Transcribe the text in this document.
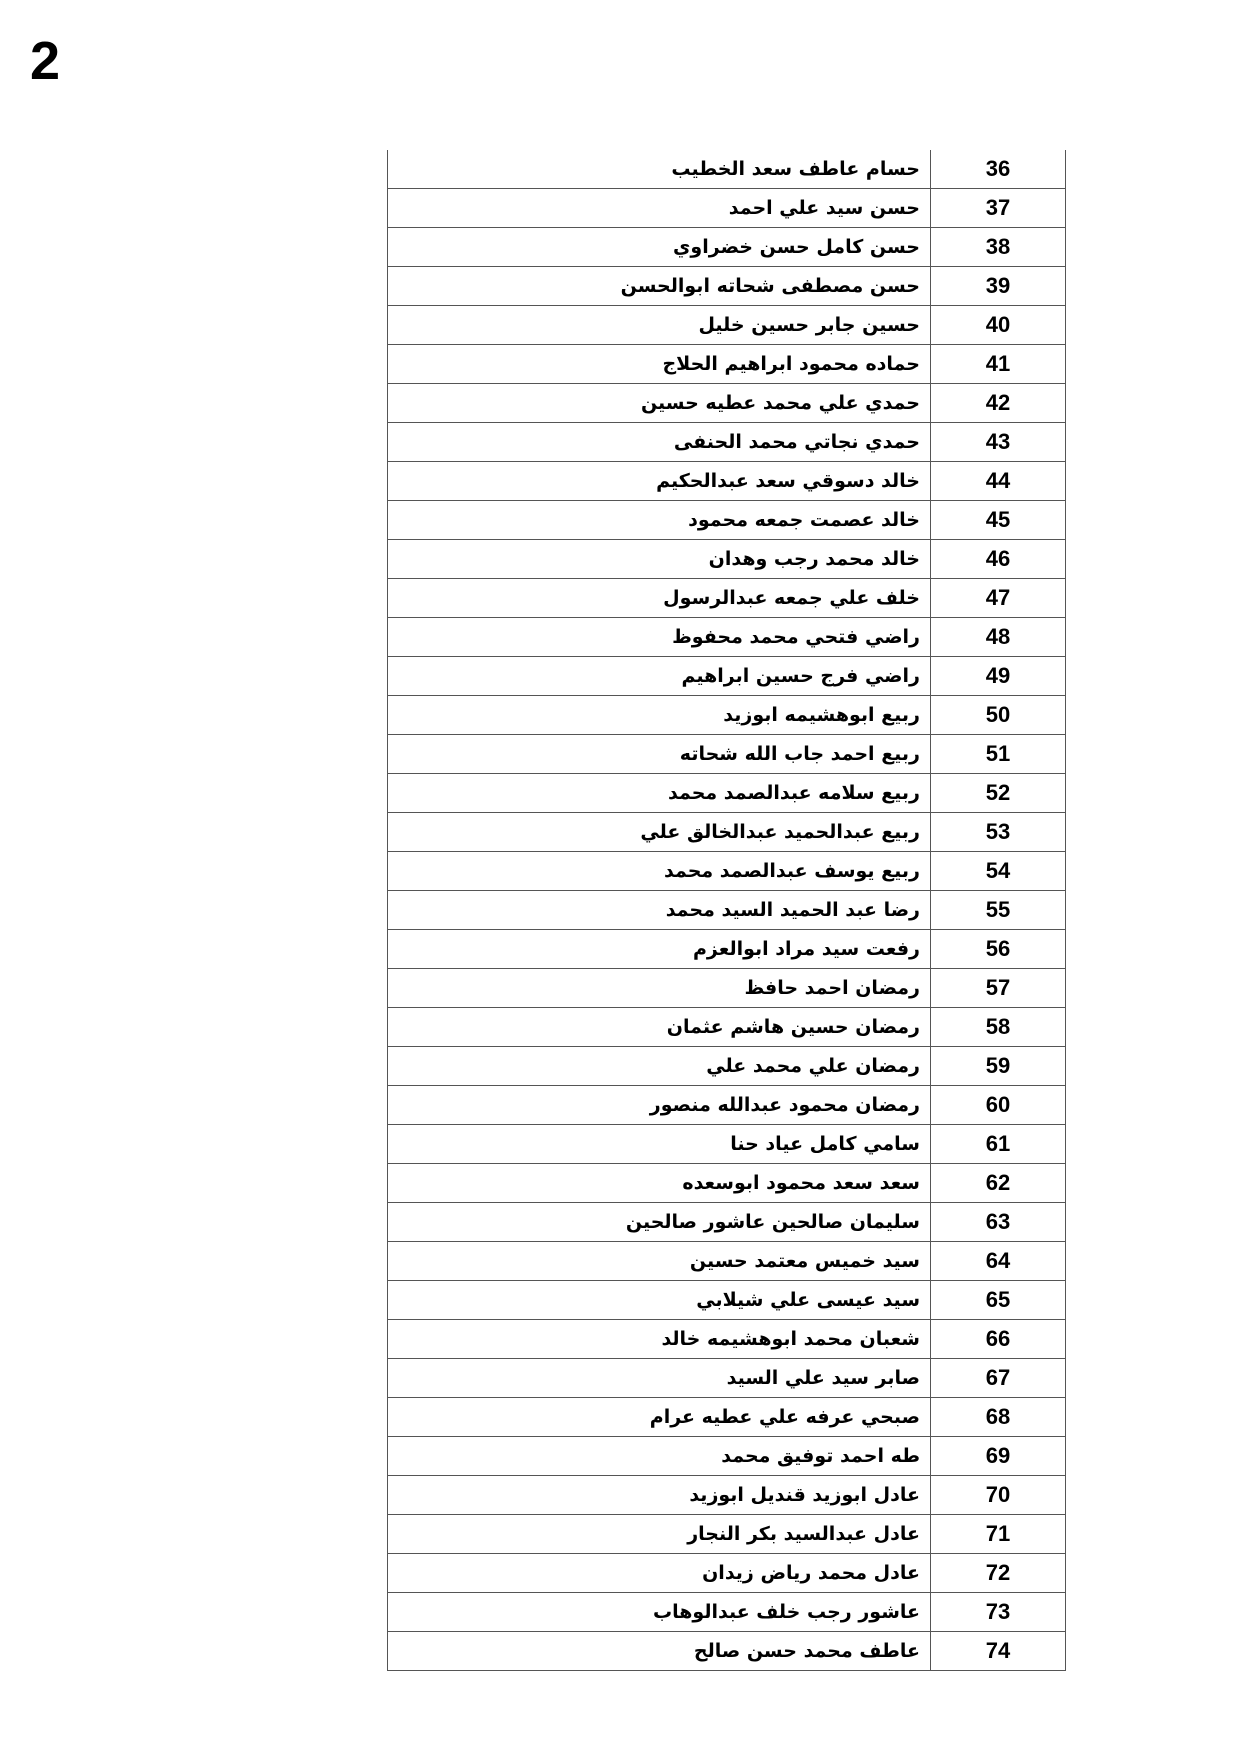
2
حسام عاطف سعد الخطيب	36
حسن سيد علي احمد	37
حسن كامل حسن خضراوي	38
حسن مصطفى شحاته ابوالحسن	39
حسين جابر حسين خليل	40
حماده محمود ابراهيم الحلاج	41
حمدي علي محمد عطيه حسين	42
حمدي نجاتي محمد الحنفى	43
خالد دسوقي سعد عبدالحكيم	44
خالد عصمت جمعه محمود	45
خالد محمد رجب وهدان	46
خلف علي جمعه عبدالرسول	47
راضي فتحي محمد محفوظ	48
راضي فرج حسين ابراهيم	49
ربيع ابوهشيمه ابوزيد	50
ربيع احمد جاب الله شحاته	51
ربيع سلامه عبدالصمد محمد	52
ربيع عبدالحميد عبدالخالق علي	53
ربيع يوسف عبدالصمد محمد	54
رضا عبد الحميد السيد محمد	55
رفعت سيد مراد ابوالعزم	56
رمضان احمد حافظ	57
رمضان حسين هاشم عثمان	58
رمضان علي محمد علي	59
رمضان محمود عبدالله منصور	60
سامي كامل عياد حنا	61
سعد سعد محمود ابوسعده	62
سليمان صالحين عاشور صالحين	63
سيد خميس معتمد حسين	64
سيد عيسى علي شيلابي	65
شعبان محمد ابوهشيمه خالد	66
صابر سيد علي السيد	67
صبحي عرفه علي عطيه عرام	68
طه احمد توفيق محمد	69
عادل ابوزيد قنديل ابوزيد	70
عادل عبدالسيد بكر النجار	71
عادل محمد رياض زيدان	72
عاشور رجب خلف عبدالوهاب	73
عاطف محمد حسن صالح	74
